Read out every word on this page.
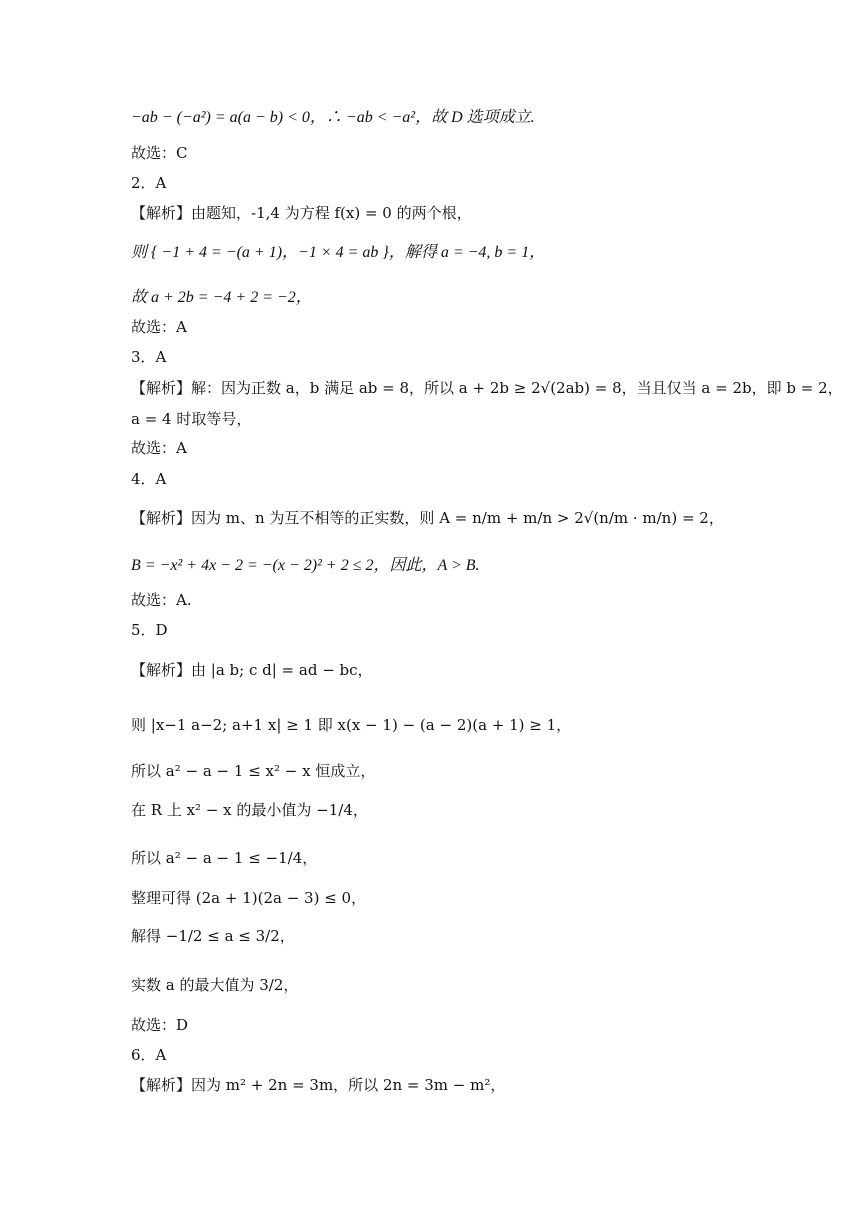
−ab − (−a²) = a(a − b) < 0，∴ −ab < −a²，故 D 选项成立.
故选：C
2．A
【解析】由题知，-1,4 为方程 f(x) = 0 的两个根，
则 { −1 + 4 = −(a + 1)，−1 × 4 = ab }，解得 a = −4, b = 1，
故 a + 2b = −4 + 2 = −2，
故选：A
3．A
【解析】解：因为正数 a，b 满足 ab = 8，所以 a + 2b ≥ 2√(2ab) = 8，当且仅当 a = 2b，即 b = 2，
a = 4 时取等号，
故选：A
4．A
【解析】因为 m、n 为互不相等的正实数，则 A = n/m + m/n > 2√(n/m · m/n) = 2，
B = −x² + 4x − 2 = −(x − 2)² + 2 ≤ 2，因此，A > B.
故选：A.
5．D
【解析】由 |a b; c d| = ad − bc，
则 |x−1 a−2; a+1 x| ≥ 1 即 x(x − 1) − (a − 2)(a + 1) ≥ 1，
所以 a² − a − 1 ≤ x² − x 恒成立，
在 R 上 x² − x 的最小值为 −1/4，
所以 a² − a − 1 ≤ −1/4，
整理可得 (2a + 1)(2a − 3) ≤ 0，
解得 −1/2 ≤ a ≤ 3/2，
实数 a 的最大值为 3/2，
故选：D
6．A
【解析】因为 m² + 2n = 3m，所以 2n = 3m − m²，
